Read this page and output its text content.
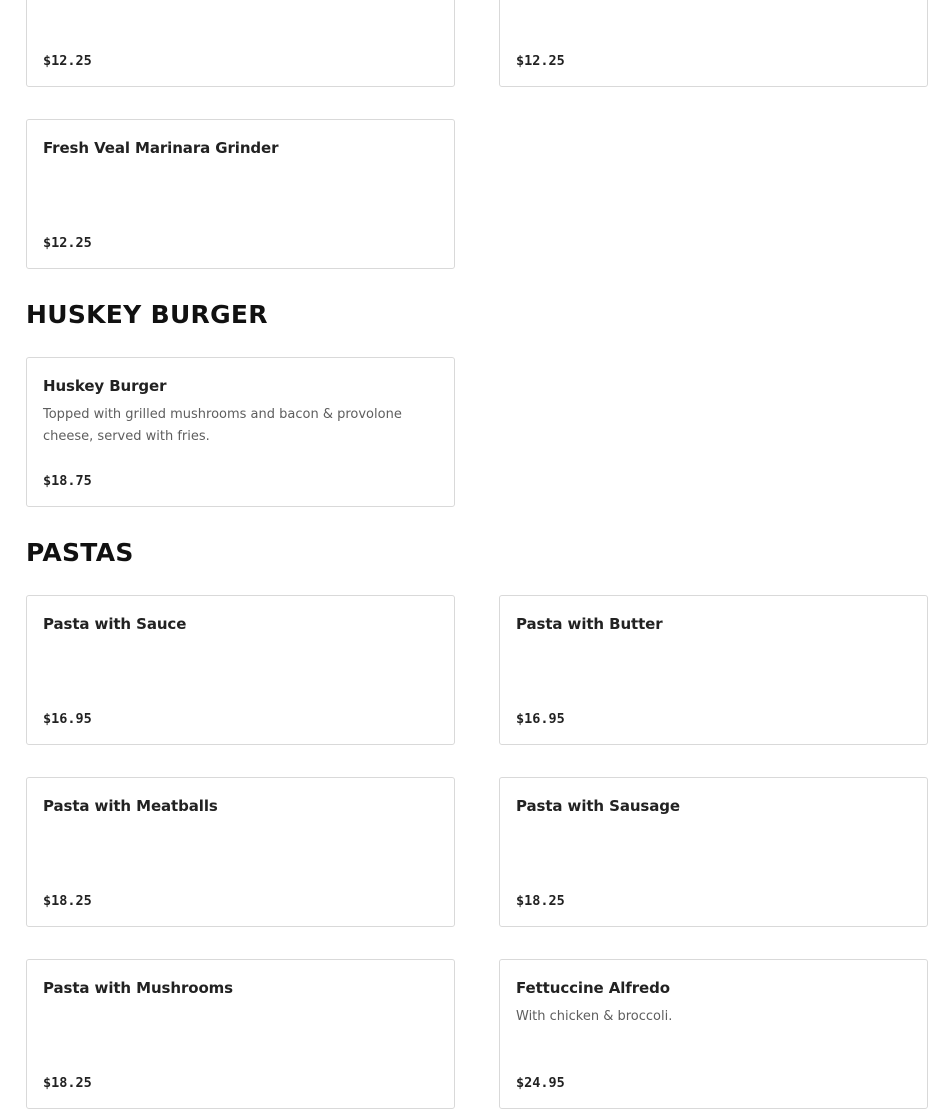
$12.25	$12.25
Fresh Veal Marinara Grinder
$12.25
HUSKEY BURGER
Huskey Burger
Topped with grilled mushrooms and bacon & provolone cheese, served with fries.
$18.75
PASTAS
Pasta with Sauce
$16.95
Pasta with Butter
$16.95
Pasta with Meatballs
$18.25
Pasta with Sausage
$18.25
Pasta with Mushrooms
$18.25
Fettuccine Alfredo
With chicken & broccoli.
$24.95
